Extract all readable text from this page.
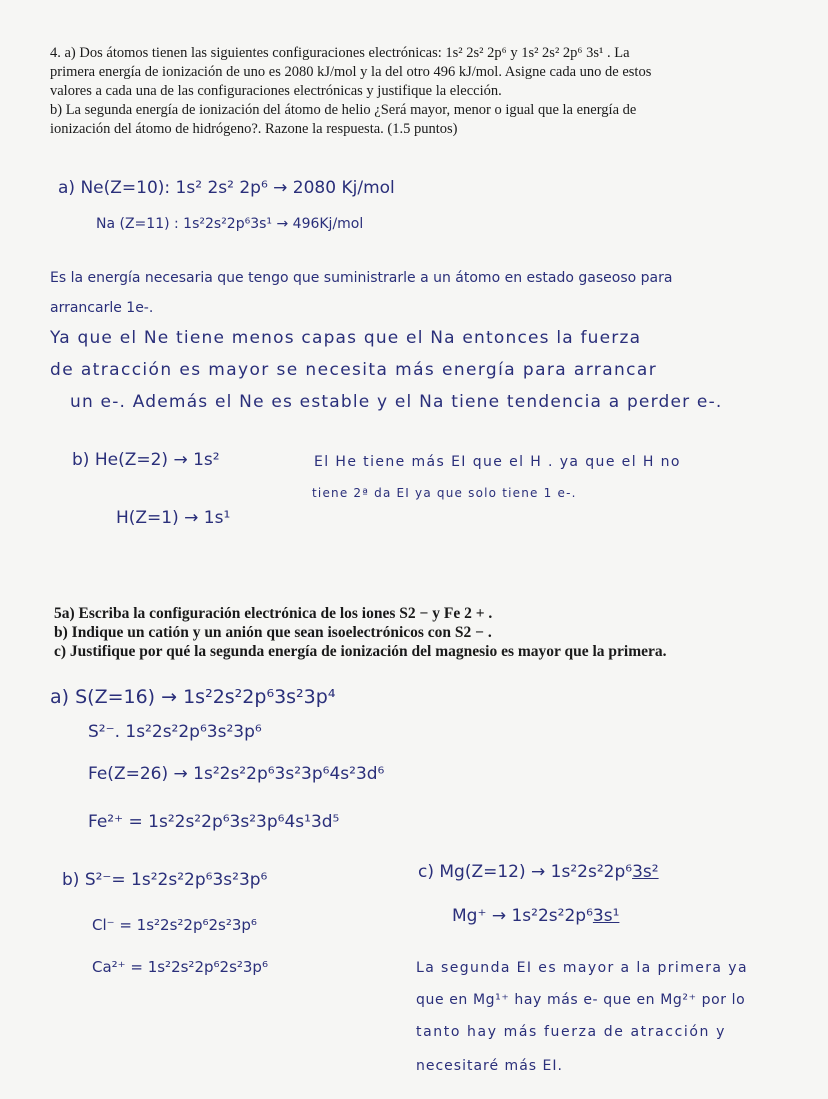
4. a) Dos átomos tienen las siguientes configuraciones electrónicas: 1s² 2s² 2p⁶ y 1s² 2s² 2p⁶ 3s¹ . La
primera energía de ionización de uno es 2080 kJ/mol y la del otro 496 kJ/mol. Asigne cada uno de estos
valores a cada una de las configuraciones electrónicas y justifique la elección.
b) La segunda energía de ionización del átomo de helio ¿Será mayor, menor o igual que la energía de
ionización del átomo de hidrógeno?. Razone la respuesta. (1.5 puntos)
a) Ne(Z=10): 1s² 2s² 2p⁶ → 2080 Kj/mol
Na (Z=11) : 1s²2s²2p⁶3s¹ → 496Kj/mol
Es la energía necesaria que tengo que suministrarle a un átomo en estado gaseoso para
arrancarle 1e-.
Ya que el Ne tiene menos capas que el Na entonces la fuerza
de atracción es mayor se necesita más energía para arrancar
un e-. Además el Ne es estable y el Na tiene tendencia a perder e-.
b) He(Z=2) → 1s²	El He tiene más EI que el H . ya que el H no
tiene 2ª da EI ya que solo tiene 1 e-.
H(Z=1) → 1s¹
5a) Escriba la configuración electrónica de los iones S2 − y Fe 2 + .
b) Indique un catión y un anión que sean isoelectrónicos con S2 − .
c) Justifique por qué la segunda energía de ionización del magnesio es mayor que la primera.
a) S(Z=16) → 1s²2s²2p⁶3s²3p⁴
S²⁻. 1s²2s²2p⁶3s²3p⁶
Fe(Z=26) → 1s²2s²2p⁶3s²3p⁶4s²3d⁶
Fe²⁺ = 1s²2s²2p⁶3s²3p⁶4s¹3d⁵
b) S²⁻= 1s²2s²2p⁶3s²3p⁶
Cl⁻ = 1s²2s²2p⁶2s²3p⁶
Ca²⁺ = 1s²2s²2p⁶2s²3p⁶
c) Mg(Z=12) → 1s²2s²2p⁶3s²
Mg⁺ → 1s²2s²2p⁶3s¹
La segunda EI es mayor a la primera ya
que en Mg¹⁺ hay más e- que en Mg²⁺ por lo
tanto hay más fuerza de atracción y
necesitaré más EI.
